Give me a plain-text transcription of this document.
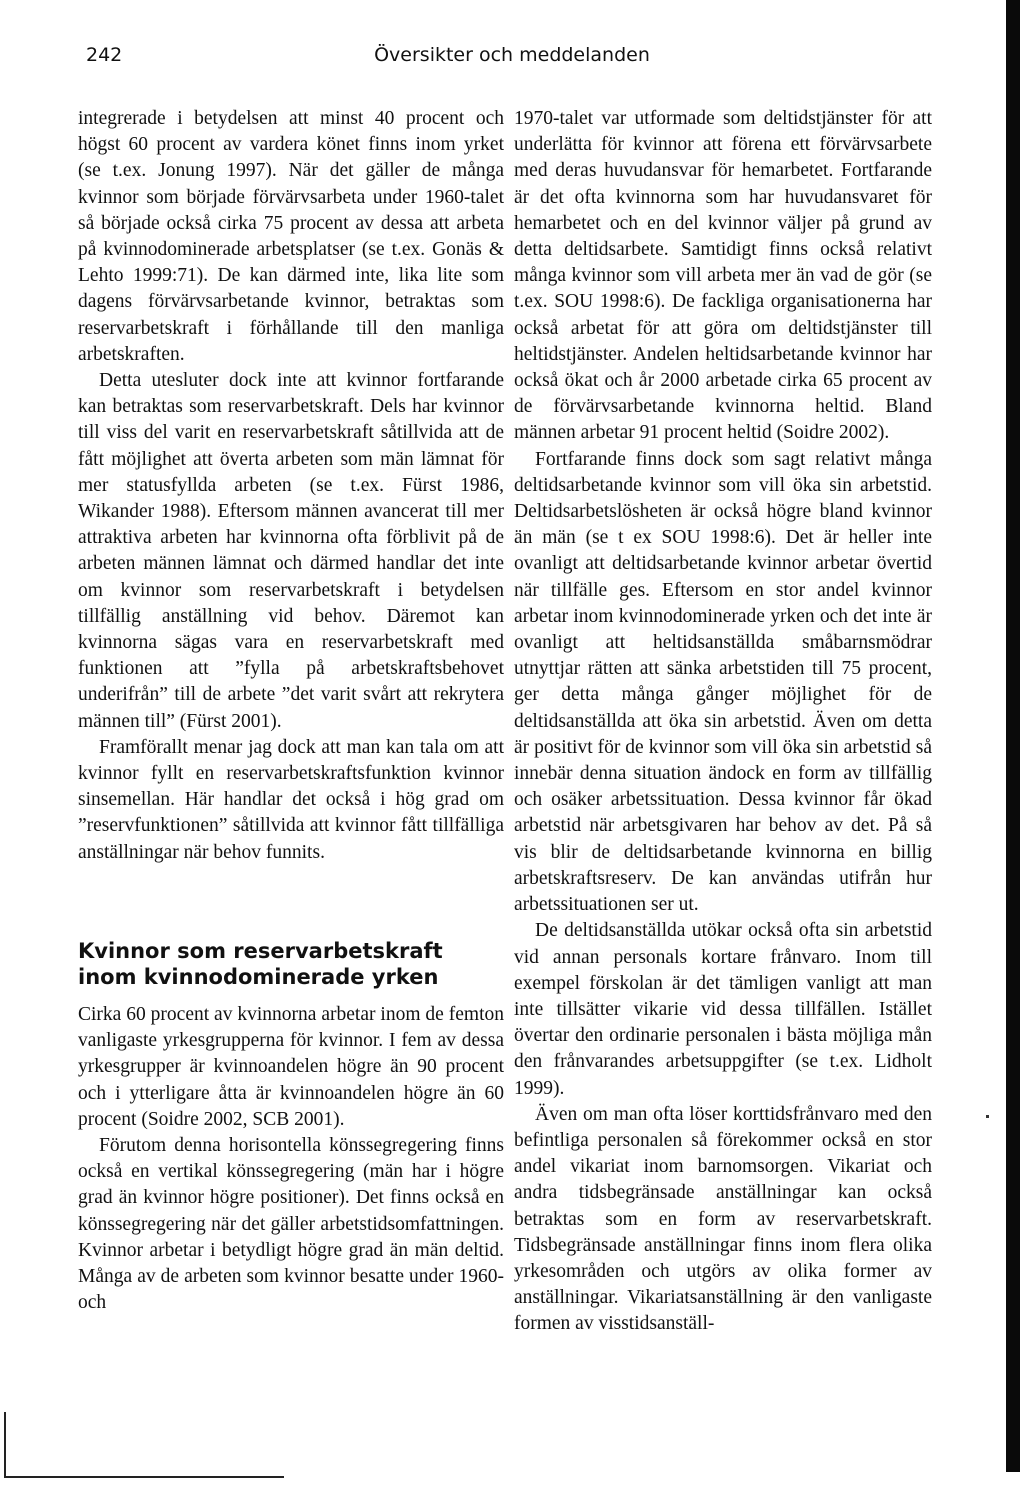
242	Översikter och meddelanden

integrerade i betydelsen att minst 40 procent och högst 60 procent av vardera könet finns inom yrket (se t.ex. Jonung 1997). När det gäller de många kvinnor som började förvärvsarbeta under 1960-talet så började också cirka 75 procent av dessa att arbeta på kvinnodominerade arbetsplatser (se t.ex. Gonäs & Lehto 1999:71). De kan därmed inte, lika lite som dagens förvärvsarbetande kvinnor, betraktas som reservarbetskraft i förhållande till den manliga arbetskraften.

Detta utesluter dock inte att kvinnor fortfarande kan betraktas som reservarbetskraft. Dels har kvinnor till viss del varit en reservarbetskraft såtillvida att de fått möjlighet att överta arbeten som män lämnat för mer statusfyllda arbeten (se t.ex. Fürst 1986, Wikander 1988). Eftersom männen avancerat till mer attraktiva arbeten har kvinnorna ofta förblivit på de arbeten männen lämnat och därmed handlar det inte om kvinnor som reservarbetskraft i betydelsen tillfällig anställning vid behov. Däremot kan kvinnorna sägas vara en reservarbetskraft med funktionen att ”fylla på arbetskraftsbehovet underifrån” till de arbete ”det varit svårt att rekrytera männen till” (Fürst 2001).

Framförallt menar jag dock att man kan tala om att kvinnor fyllt en reservarbetskraftsfunktion kvinnor sinsemellan. Här handlar det också i hög grad om ”reservfunktionen” såtillvida att kvinnor fått tillfälliga anställningar när behov funnits.

Kvinnor som reservarbetskraft inom kvinnodominerade yrken

Cirka 60 procent av kvinnorna arbetar inom de femton vanligaste yrkesgrupperna för kvinnor. I fem av dessa yrkesgrupper är kvinnoandelen högre än 90 procent och i ytterligare åtta är kvinnoandelen högre än 60 procent (Soidre 2002, SCB 2001).

Förutom denna horisontella könssegregering finns också en vertikal könssegregering (män har i högre grad än kvinnor högre positioner). Det finns också en könssegregering när det gäller arbetstidsomfattningen. Kvinnor arbetar i betydligt högre grad än män deltid. Många av de arbeten som kvinnor besatte under 1960- och

1970-talet var utformade som deltidstjänster för att underlätta för kvinnor att förena ett förvärvsarbete med deras huvudansvar för hemarbetet. Fortfarande är det ofta kvinnorna som har huvudansvaret för hemarbetet och en del kvinnor väljer på grund av detta deltidsarbete. Samtidigt finns också relativt många kvinnor som vill arbeta mer än vad de gör (se t.ex. SOU 1998:6). De fackliga organisationerna har också arbetat för att göra om deltidstjänster till heltidstjänster. Andelen heltidsarbetande kvinnor har också ökat och år 2000 arbetade cirka 65 procent av de förvärvsarbetande kvinnorna heltid. Bland männen arbetar 91 procent heltid (Soidre 2002).

Fortfarande finns dock som sagt relativt många deltidsarbetande kvinnor som vill öka sin arbetstid. Deltidsarbetslösheten är också högre bland kvinnor än män (se t ex SOU 1998:6). Det är heller inte ovanligt att deltidsarbetande kvinnor arbetar övertid när tillfälle ges. Eftersom en stor andel kvinnor arbetar inom kvinnodominerade yrken och det inte är ovanligt att heltidsanställda småbarnsmödrar utnyttjar rätten att sänka arbetstiden till 75 procent, ger detta många gånger möjlighet för de deltidsanställda att öka sin arbetstid. Även om detta är positivt för de kvinnor som vill öka sin arbetstid så innebär denna situation ändock en form av tillfällig och osäker arbetssituation. Dessa kvinnor får ökad arbetstid när arbetsgivaren har behov av det. På så vis blir de deltidsarbetande kvinnorna en billig arbetskraftsreserv. De kan användas utifrån hur arbetssituationen ser ut.

De deltidsanställda utökar också ofta sin arbetstid vid annan personals kortare frånvaro. Inom till exempel förskolan är det tämligen vanligt att man inte tillsätter vikarie vid dessa tillfällen. Istället övertar den ordinarie personalen i bästa möjliga mån den frånvarandes arbetsuppgifter (se t.ex. Lidholt 1999).

Även om man ofta löser korttidsfrånvaro med den befintliga personalen så förekommer också en stor andel vikariat inom barnomsorgen. Vikariat och andra tidsbegränsade anställningar kan också betraktas som en form av reservarbetskraft. Tidsbegränsade anställningar finns inom flera olika yrkesområden och utgörs av olika former av anställningar. Vikariatsanställning är den vanligaste formen av visstidsanställ-
